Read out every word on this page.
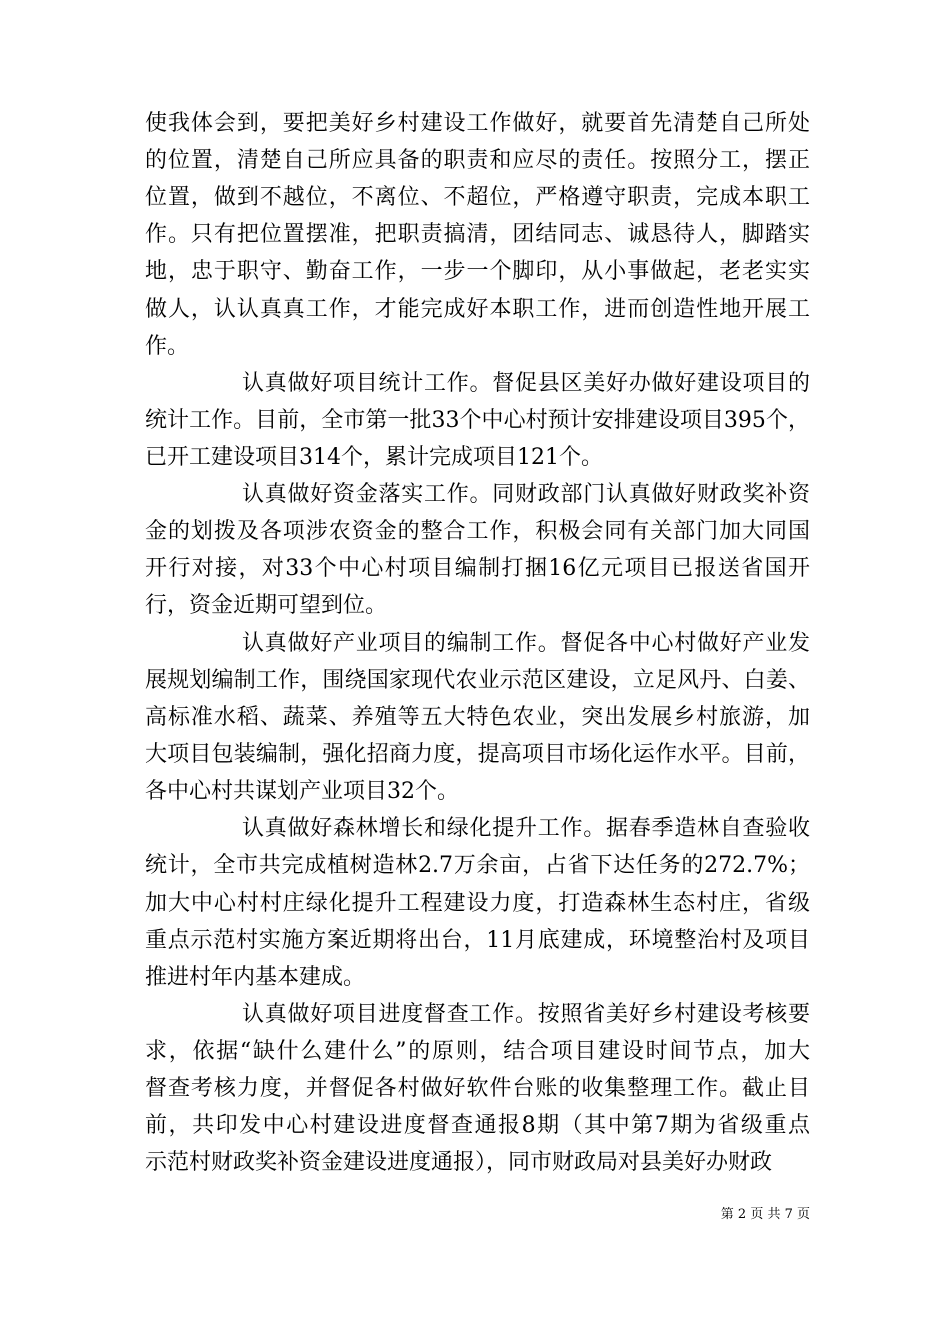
使我体会到，要把美好乡村建设工作做好，就要首先清楚自己所处
的位置，清楚自己所应具备的职责和应尽的责任。按照分工，摆正
位置，做到不越位，不离位、不超位，严格遵守职责，完成本职工
作。只有把位置摆准，把职责搞清，团结同志、诚恳待人，脚踏实
地，忠于职守、勤奋工作，一步一个脚印，从小事做起，老老实实
做人，认认真真工作，才能完成好本职工作，进而创造性地开展工
作。
认真做好项目统计工作。督促县区美好办做好建设项目的
统计工作。目前，全市第一批33个中心村预计安排建设项目395个，
已开工建设项目314个，累计完成项目121个。
认真做好资金落实工作。同财政部门认真做好财政奖补资
金的划拨及各项涉农资金的整合工作，积极会同有关部门加大同国
开行对接，对33个中心村项目编制打捆16亿元项目已报送省国开
行，资金近期可望到位。
认真做好产业项目的编制工作。督促各中心村做好产业发
展规划编制工作，围绕国家现代农业示范区建设，立足风丹、白姜、
高标准水稻、蔬菜、养殖等五大特色农业，突出发展乡村旅游，加
大项目包装编制，强化招商力度，提高项目市场化运作水平。目前，
各中心村共谋划产业项目32个。
认真做好森林增长和绿化提升工作。据春季造林自查验收
统计，全市共完成植树造林2.7万余亩，占省下达任务的272.7%；
加大中心村村庄绿化提升工程建设力度，打造森林生态村庄，省级
重点示范村实施方案近期将出台，11月底建成，环境整治村及项目
推进村年内基本建成。
认真做好项目进度督查工作。按照省美好乡村建设考核要
求，依据“缺什么建什么”的原则，结合项目建设时间节点，加大
督查考核力度，并督促各村做好软件台账的收集整理工作。截止目
前，共印发中心村建设进度督查通报8期（其中第7期为省级重点
示范村财政奖补资金建设进度通报），同市财政局对县美好办财政
第 2 页 共 7 页
